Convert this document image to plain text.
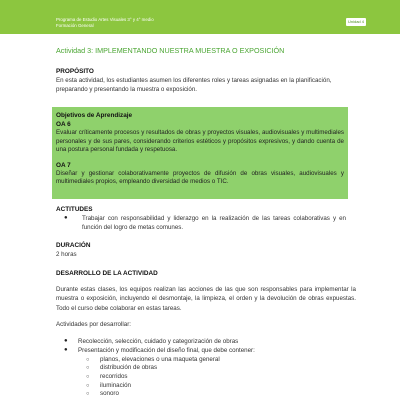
Programa de Estudio Artes Visuales 3° y 4° medio
Formación General
Unidad 4
Actividad 3: IMPLEMENTANDO NUESTRA MUESTRA O EXPOSICIÓN
PROPÓSITO
En esta actividad, los estudiantes asumen los diferentes roles y tareas asignadas en la planificación, preparando y presentando la muestra o exposición.
Objetivos de Aprendizaje
OA 6
Evaluar críticamente procesos y resultados de obras y proyectos visuales, audiovisuales y multimediales personales y de sus pares, considerando criterios estéticos y propósitos expresivos, y dando cuenta de una postura personal fundada y respetuosa.
OA 7
Diseñar y gestionar colaborativamente proyectos de difusión de obras visuales, audiovisuales y multimediales propios, empleando diversidad de medios o TIC.
ACTITUDES
● Trabajar con responsabilidad y liderazgo en la realización de las tareas colaborativas y en función del logro de metas comunes.
DURACIÓN
2 horas
DESARROLLO DE LA ACTIVIDAD
Durante estas clases, los equipos realizan las acciones de las que son responsables para implementar la muestra o exposición, incluyendo el desmontaje, la limpieza, el orden y la devolución de obras expuestas. Todo el curso debe colaborar en estas tareas.
Actividades por desarrollar:
● Recolección, selección, cuidado y categorización de obras
● Presentación y modificación del diseño final, que debe contener:
○ planos, elevaciones o una maqueta general
○ distribución de obras
○ recorridos
○ iluminación
○ sonoro
